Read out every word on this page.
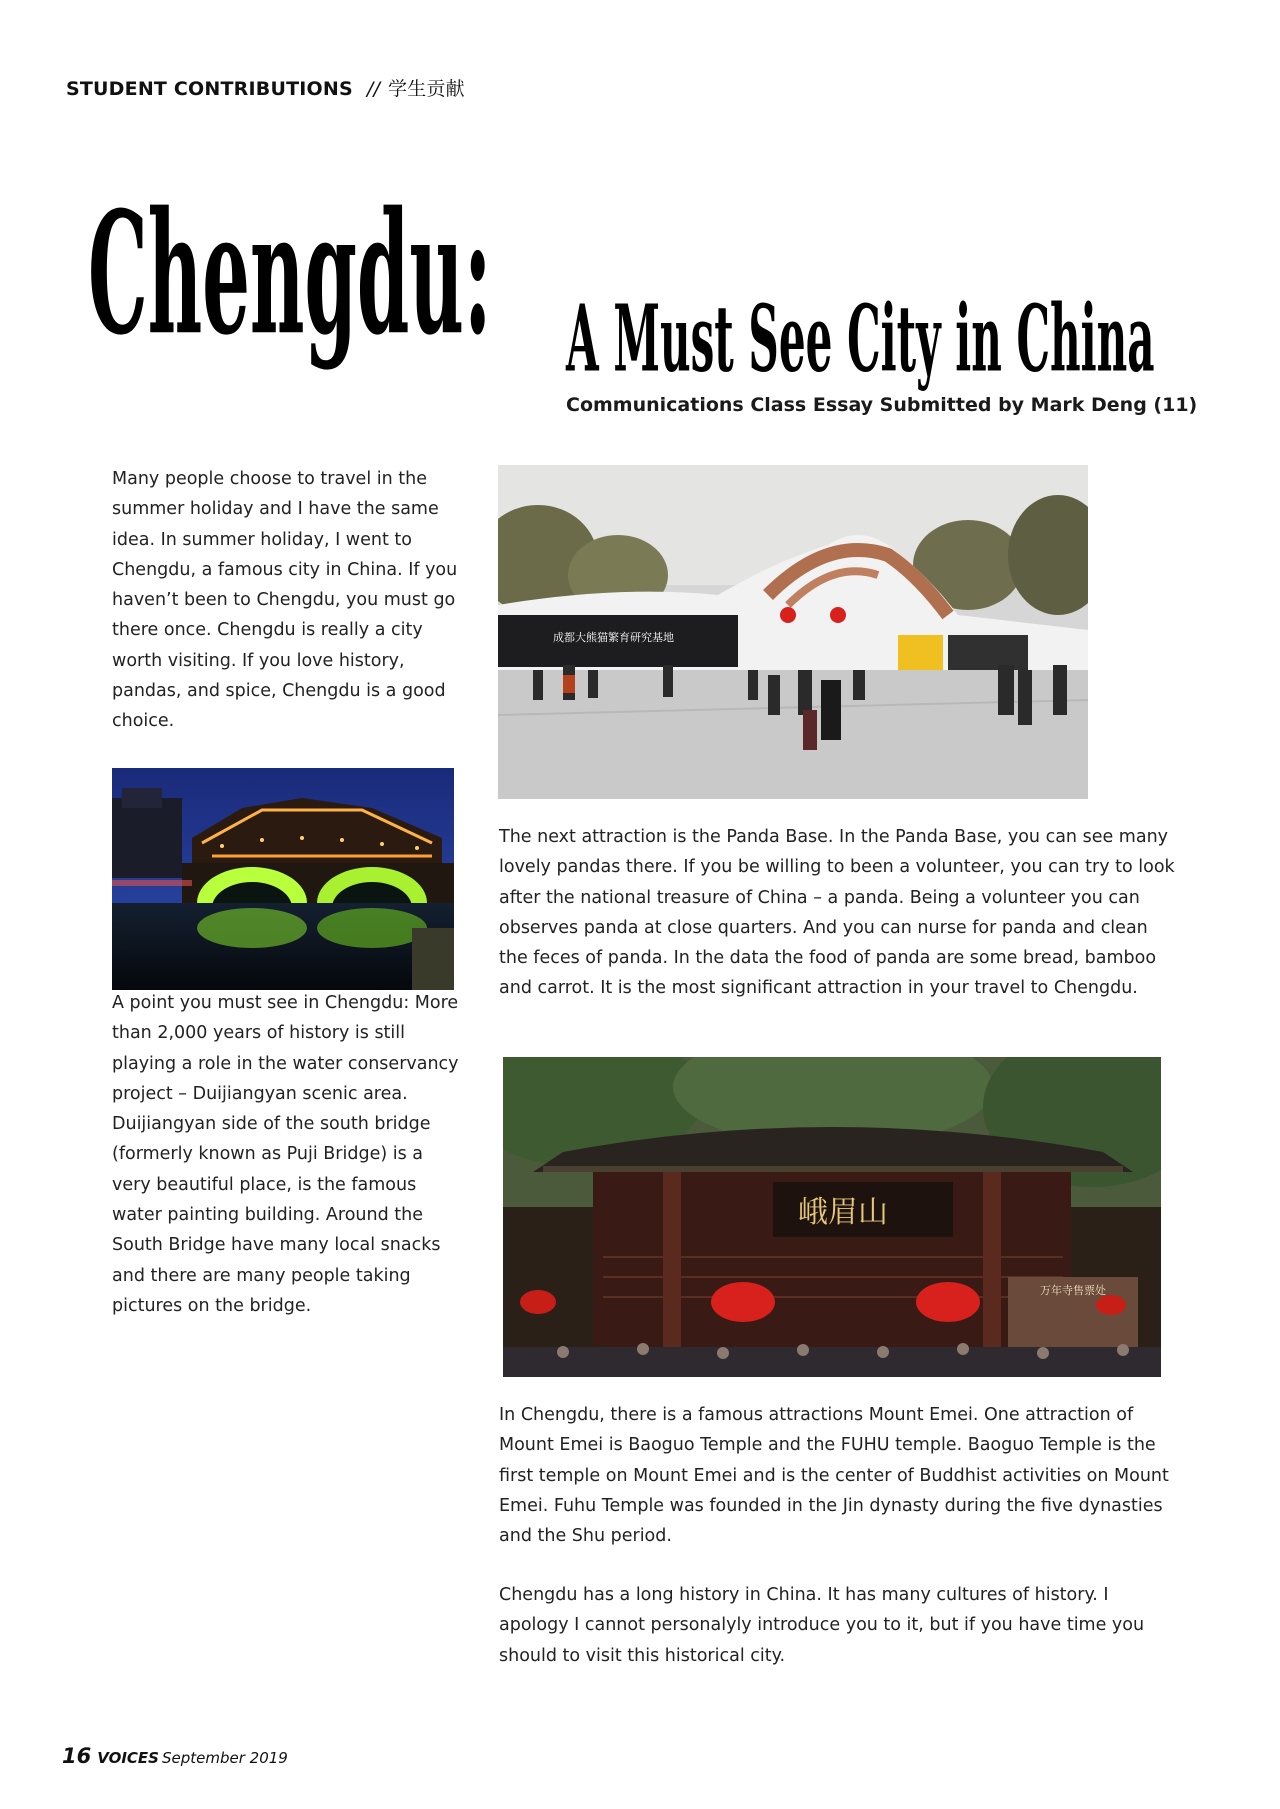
STUDENT CONTRIBUTIONS // 学生贡献
Chengdu: A Must See City in China
Communications Class Essay Submitted by Mark Deng (11)

Many people choose to travel in the summer holiday and I have the same idea. In summer holiday, I went to Chengdu, a famous city in China. If you haven’t been to Chengdu, you must go there once. Chengdu is really a city worth visiting. If you love history, pandas, and spice, Chengdu is a good choice.

成都大熊猫繁育研究基地

A point you must see in Chengdu: More than 2,000 years of history is still playing a role in the water conservancy project – Duijiangyan scenic area. Duijiangyan side of the south bridge (formerly known as Puji Bridge) is a very beautiful place, is the famous water painting building. Around the South Bridge have many local snacks and there are many people taking pictures on the bridge.

The next attraction is the Panda Base. In the Panda Base, you can see many lovely pandas there. If you be willing to been a volunteer, you can try to look after the national treasure of China – a panda. Being a volunteer you can observes panda at close quarters. And you can nurse for panda and clean the feces of panda. In the data the food of panda are some bread, bamboo and carrot. It is the most significant attraction in your travel to Chengdu.

峨眉山
万年寺售票处

In Chengdu, there is a famous attractions Mount Emei. One attraction of Mount Emei is Baoguo Temple and the FUHU temple. Baoguo Temple is the first temple on Mount Emei and is the center of Buddhist activities on Mount Emei. Fuhu Temple was founded in the Jin dynasty during the five dynasties and the Shu period.

Chengdu has a long history in China. It has many cultures of history. I apology I cannot personalyly introduce you to it, but if you have time you should to visit this historical city.

16 VOICES September 2019
